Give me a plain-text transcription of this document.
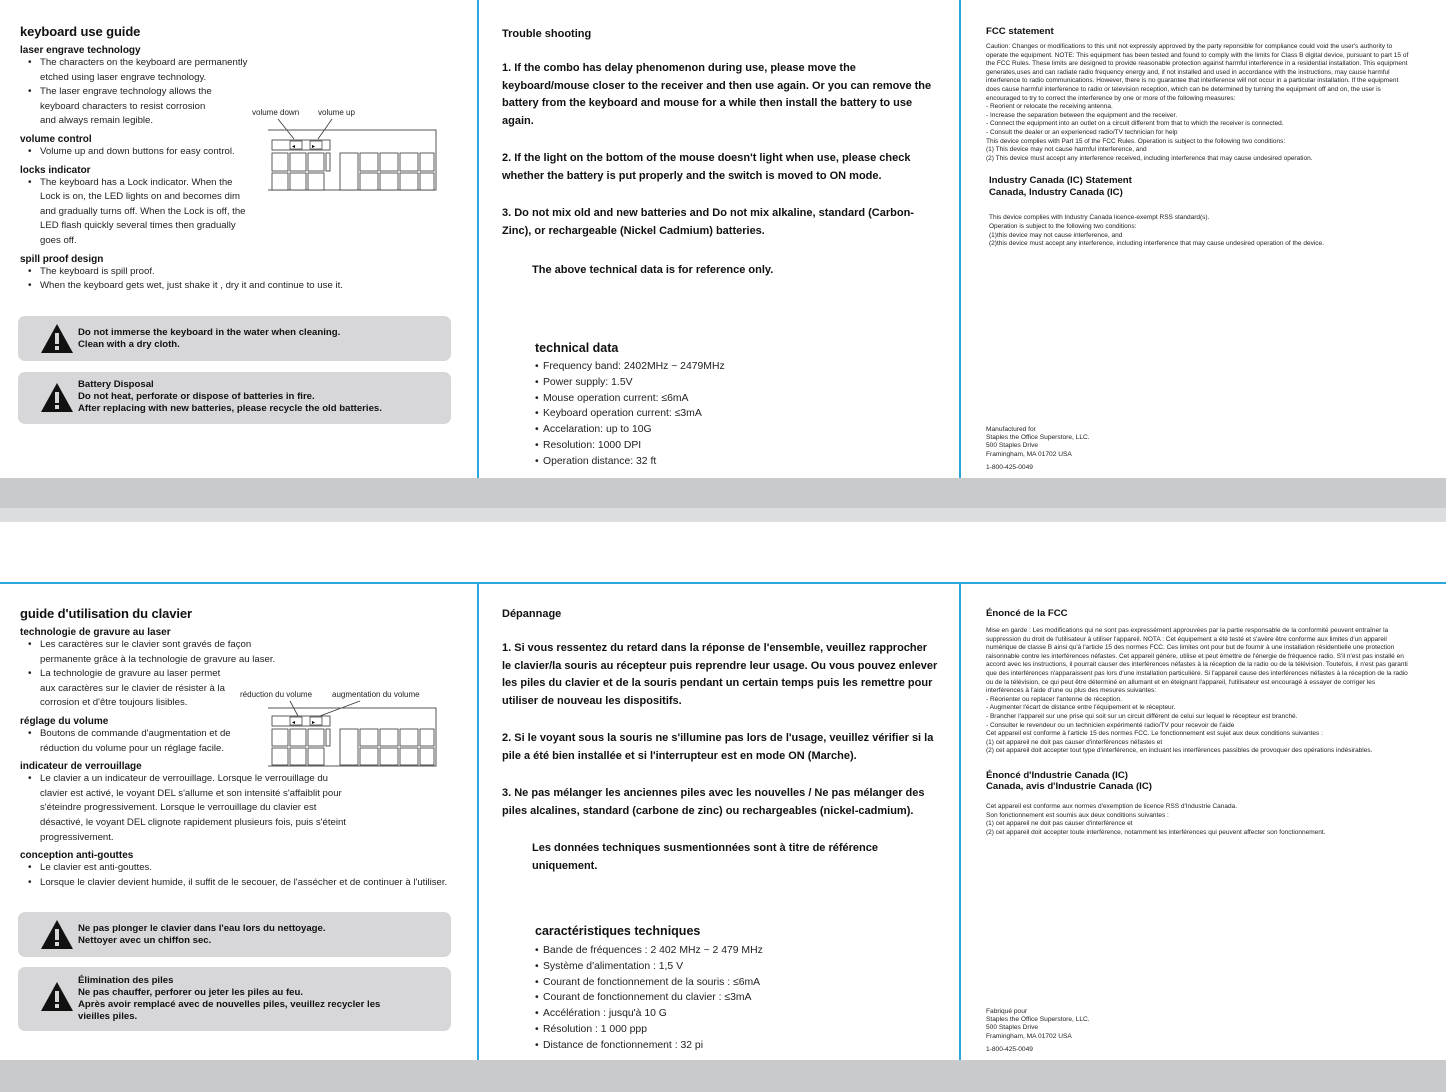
keyboard use guide
laser engrave technology
• The characters on the keyboard are permanently etched using laser engrave technology.
• The laser engrave technology allows the keyboard characters to resist corrosion and always remain legible.
volume control
• Volume up and down buttons for easy control.
locks indicator
• The keyboard has a Lock indicator. When the Lock is on, the LED lights on and becomes dim and gradually turns off. When the Lock is off, the LED flash quickly several times then gradually goes off.
spill proof design
• The keyboard is spill proof.
• When the keyboard gets wet, just shake it , dry it and continue to use it.
volume down volume up
◂	▸
Do not immerse the keyboard in the water when cleaning.
Clean with a dry cloth.
Battery Disposal
Do not heat, perforate or dispose of batteries in fire.
After replacing with new batteries, please recycle the old batteries.
Trouble shooting
1. If the combo has delay phenomenon during use, please move the keyboard/mouse closer to the receiver and then use again. Or you can remove the battery from the keyboard and mouse for a while then install the battery to use again.
2. If the light on the bottom of the mouse doesn't light when use, please check whether the battery is put properly and the switch is moved to ON mode.
3. Do not mix old and new batteries and Do not mix alkaline, standard (Carbon-Zinc), or rechargeable (Nickel Cadmium) batteries.
The above technical data is for reference only.
technical data
• Frequency band: 2402MHz ~ 2479MHz
• Power supply: 1.5V
• Mouse operation current: ≤6mA
• Keyboard operation current: ≤3mA
• Accelaration: up to 10G
• Resolution: 1000 DPI
• Operation distance: 32 ft
FCC statement
Caution: Changes or modifications to this unit not expressly approved by the party reponsible for compliance could void the user's authority to operate the equipment. NOTE: This equipment has been tested and found to comply with the limits for Class B digital device, pursuant to part 15 of the FCC Rules. These limits are designed to provide reasonable protection against harmful interference in a residential installation. This equipment generates,uses and can radiate radio frequency energy and, if not installed and used in accordance with the instructions, may cause harmful interference to radio communications. However, there is no guarantee that interference will not occur in a particular installation. If the equipment does cause harmful interference to radio or television reception, which can be determined by turning the equipment off and on, the user is encouraged to try to correct the interference by one or more of the following measures:
- Reorient or relocate the receiving antenna.
- Increase the separation between the equipment and the receiver.
- Connect the equipment into an outlet on a circuit different from that to which the receiver is connected.
- Consult the dealer or an experienced radio/TV technician for help
This device complies with Part 15 of the FCC Rules. Operation is subject to the following two conditions:
(1) This device may not cause harmful interference, and
(2) This device must accept any interference received, including interference that may cause undesired operation.
Industry Canada (IC) Statement
Canada, Industry Canada (IC)
This device complies with Industry Canada licence-exempt RSS standard(s).
Operation is subject to the following two conditions:
(1)this device may not cause interference, and
(2)this device must accept any interference, including interference that may cause undesired operation of the device.
Manufactured for
Staples the Office Superstore, LLC.
500 Staples Drive
Framingham, MA 01702 USA
1-800-425-0049
guide d'utilisation du clavier
technologie de gravure au laser
• Les caractères sur le clavier sont gravés de façon permanente grâce à la technologie de gravure au laser.
• La technologie de gravure au laser permet aux caractères sur le clavier de résister à la corrosion et d'être toujours lisibles.
réglage du volume
• Boutons de commande d'augmentation et de réduction du volume pour un réglage facile.
indicateur de verrouillage
• Le clavier a un indicateur de verrouillage. Lorsque le verrouillage du clavier est activé, le voyant DEL s'allume et son intensité s'affaiblit pour s'éteindre progressivement. Lorsque le verrouillage du clavier est désactivé, le voyant DEL clignote rapidement plusieurs fois, puis s'éteint progressivement.
conception anti-gouttes
• Le clavier est anti-gouttes.
• Lorsque le clavier devient humide, il suffit de le secouer, de l'assécher et de continuer à l'utiliser.
réduction du volume augmentation du volume
◂	▸
Ne pas plonger le clavier dans l'eau lors du nettoyage.
Nettoyer avec un chiffon sec.
Élimination des piles
Ne pas chauffer, perforer ou jeter les piles au feu.
Après avoir remplacé avec de nouvelles piles, veuillez recycler les vieilles piles.
Dépannage
1. Si vous ressentez du retard dans la réponse de l'ensemble, veuillez rapprocher le clavier/la souris au récepteur puis reprendre leur usage. Ou vous pouvez enlever les piles du clavier et de la souris pendant un certain temps puis les remettre pour utiliser de nouveau les dispositifs.
2. Si le voyant sous la souris ne s'illumine pas lors de l'usage, veuillez vérifier si la pile a été bien installée et si l'interrupteur est en mode ON (Marche).
3. Ne pas mélanger les anciennes piles avec les nouvelles / Ne pas mélanger des piles alcalines, standard (carbone de zinc) ou rechargeables (nickel-cadmium).
Les données techniques susmentionnées sont à titre de référence uniquement.
caractéristiques techniques
• Bande de fréquences : 2 402 MHz ~ 2 479 MHz
• Système d'alimentation : 1,5 V
• Courant de fonctionnement de la souris : ≤6mA
• Courant de fonctionnement du clavier : ≤3mA
• Accélération : jusqu'à 10 G
• Résolution : 1 000 ppp
• Distance de fonctionnement : 32 pi
Énoncé de la FCC
Mise en garde : Les modifications qui ne sont pas expressément approuvées par la partie responsable de la conformité peuvent entraîner la suppression du droit de l'utilisateur à utiliser l'appareil. NOTA : Cet équipement a été testé et s'avère être conforme aux limites d'un appareil numérique de classe B ainsi qu'à l'article 15 des normes FCC. Ces limites ont pour but de fournir à une installation résidentielle une protection raisonnable contre les interférences néfastes. Cet appareil génère, utilise et peut émettre de l'énergie de fréquence radio. S'il n'est pas installé en accord avec les instructions, il pourrait causer des interférences néfastes à la réception de la radio ou de la télévision. Toutefois, il n'est pas garanti que des interférences n'apparaissent pas lors d'une installation particulière. Si l'appareil cause des interférences néfastes à la réception de la radio ou de la télévision, ce qui peut être déterminé en allumant et en éteignant l'appareil, l'utilisateur est encouragé à essayer de corriger les interférences à l'aide d'une ou plus des mesures suivantes:
- Réorienter ou replacer l'antenne de réception.
- Augmenter l'écart de distance entre l'équipement et le récepteur.
- Brancher l'appareil sur une prise qui soit sur un circuit différent de celui sur lequel le récepteur est branché.
- Consulter le revendeur ou un technicien expérimenté radio/TV pour recevoir de l'aide
Cet appareil est conforme à l'article 15 des normes FCC. Le fonctionnement est sujet aux deux conditions suivantes :
(1) cet appareil ne doit pas causer d'interférences néfastes et
(2) cet appareil doit accepter tout type d'interférence, en incluant les interférences passibles de provoquer des opérations indésirables.
Énoncé d'Industrie Canada (IC)
Canada, avis d'Industrie Canada (IC)
Cet appareil est conforme aux normes d'exemption de licence RSS d'Industrie Canada.
Son fonctionnement est soumis aux deux conditions suivantes :
(1) cet appareil ne doit pas causer d'interférence et
(2) cet appareil doit accepter toute interférence, notamment les interférences qui peuvent affecter son fonctionnement.
Fabriqué pour
Staples the Office Superstore, LLC.
500 Staples Drive
Framingham, MA 01702 USA
1-800-425-0049
